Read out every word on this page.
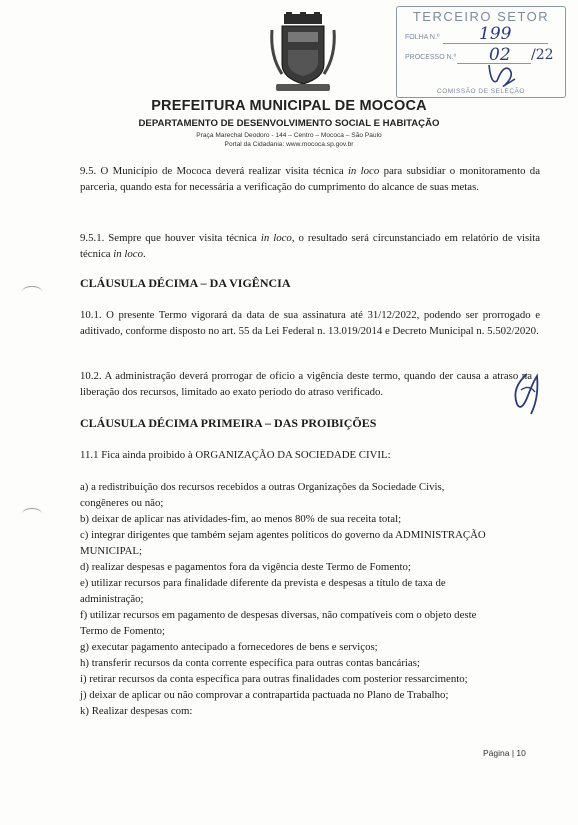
PREFEITURA MUNICIPAL DE MOCOCA
DEPARTAMENTO DE DESENVOLVIMENTO SOCIAL E HABITAÇÃO
Praça Marechal Deodoro - 144 – Centro – Mococa – São Paulo
Portal da Cidadania: www.mococa.sp.gov.br
TERCEIRO SETOR
FOLHA N.º 199
PROCESSO N.º 02 /22
COMISSÃO DE SELEÇÃO
9.5. O Município de Mococa deverá realizar visita técnica in loco para subsidiar o monitoramento da parceria, quando esta for necessária a verificação do cumprimento do alcance de suas metas.
9.5.1. Sempre que houver visita técnica in loco, o resultado será circunstanciado em relatório de visita técnica in loco.
CLÁUSULA DÉCIMA – DA VIGÊNCIA
10.1. O presente Termo vigorará da data de sua assinatura até 31/12/2022, podendo ser prorrogado e aditivado, conforme disposto no art. 55 da Lei Federal n. 13.019/2014 e Decreto Municipal n. 5.502/2020.
10.2. A administração deverá prorrogar de ofício a vigência deste termo, quando der causa a atraso na liberação dos recursos, limitado ao exato período do atraso verificado.
CLÁUSULA DÉCIMA PRIMEIRA – DAS PROIBIÇÕES
11.1 Fica ainda proibido à ORGANIZAÇÃO DA SOCIEDADE CIVIL:
a) a redistribuição dos recursos recebidos a outras Organizações da Sociedade Civis,
congêneres ou não;
b) deixar de aplicar nas atividades-fim, ao menos 80% de sua receita total;
c) integrar dirigentes que também sejam agentes políticos do governo da ADMINISTRAÇÃO
MUNICIPAL;
d) realizar despesas e pagamentos fora da vigência deste Termo de Fomento;
e) utilizar recursos para finalidade diferente da prevista e despesas a título de taxa de
administração;
f) utilizar recursos em pagamento de despesas diversas, não compatíveis com o objeto deste
Termo de Fomento;
g) executar pagamento antecipado a fornecedores de bens e serviços;
h) transferir recursos da conta corrente específica para outras contas bancárias;
i) retirar recursos da conta específica para outras finalidades com posterior ressarcimento;
j) deixar de aplicar ou não comprovar a contrapartida pactuada no Plano de Trabalho;
k) Realizar despesas com:
Página | 10
